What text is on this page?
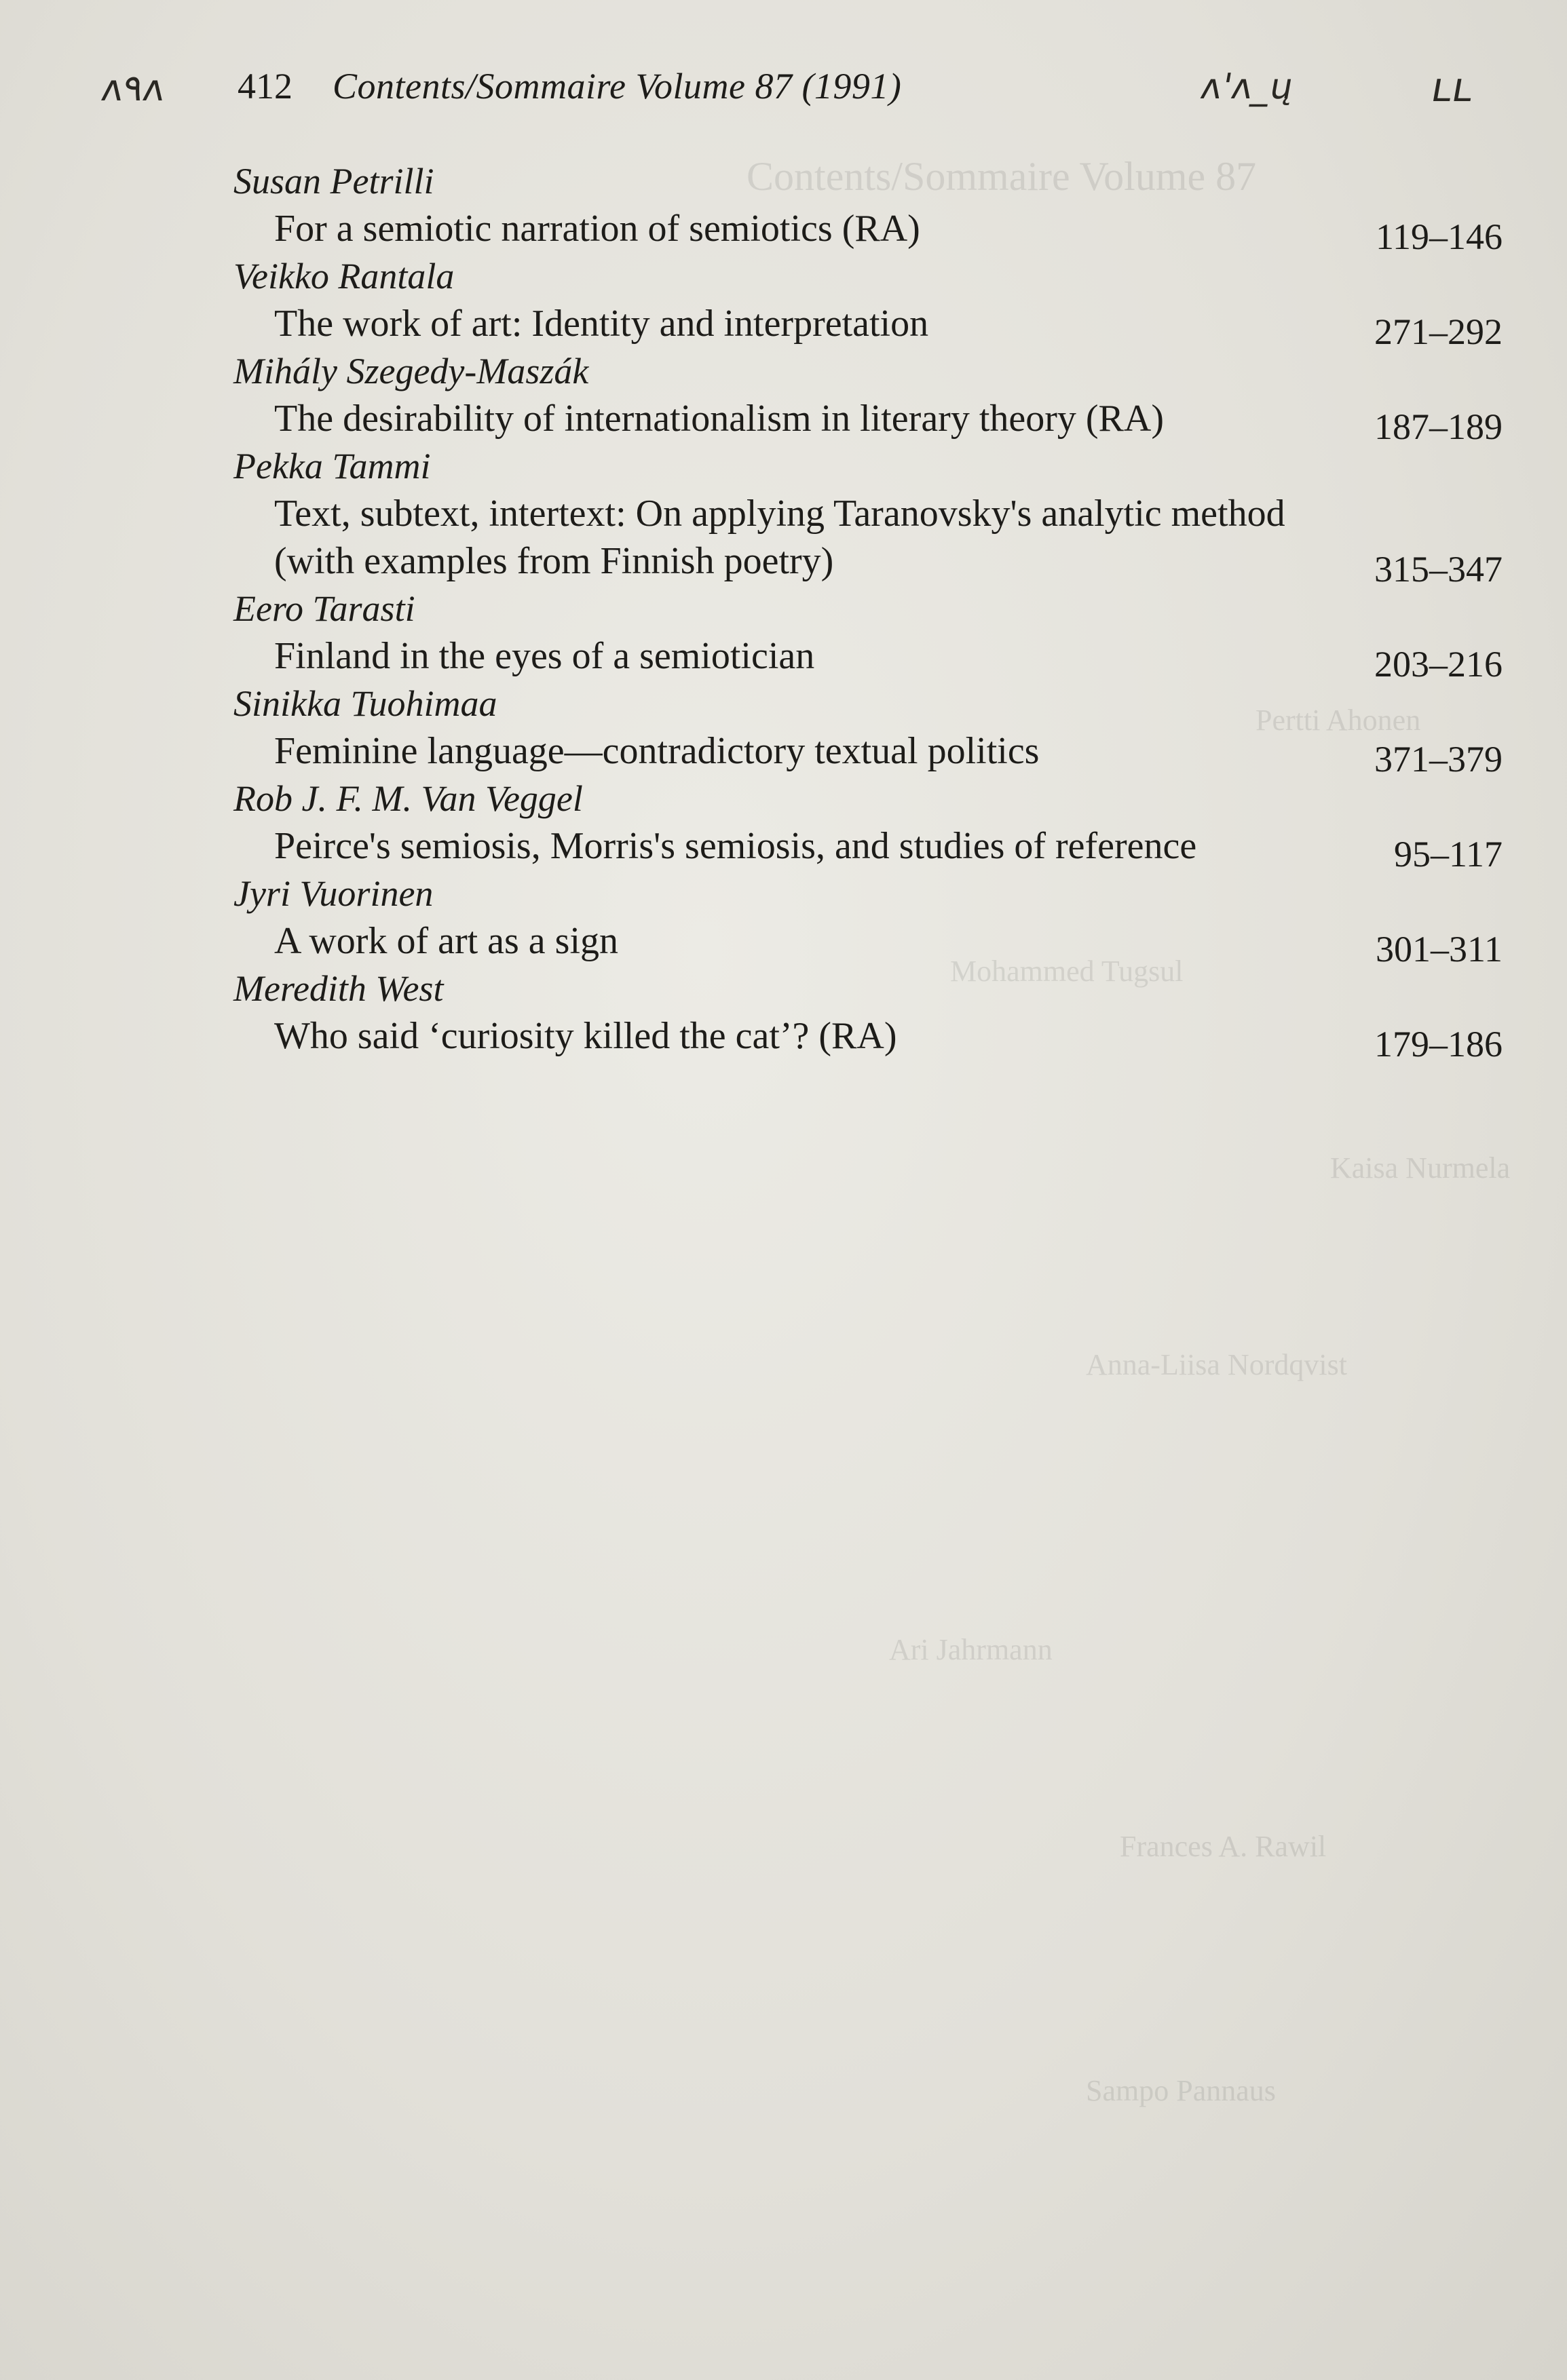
Contents/Sommaire Volume 87
Pertti Ahonen
Mohammed Tugsul
Kaisa Nurmela
Anna-Liisa Nordqvist
Ari Jahrmann
Frances A. Rawil
Sampo Pannaus
ʌ٩ʌ 412 Contents/Sommaire Volume 87 (1991)	ʌ'ʌ_ų	ʟʟ
Susan Petrilli
For a semiotic narration of semiotics (RA)	119–146
Veikko Rantala
The work of art: Identity and interpretation	271–292
Mihály Szegedy-Maszák
The desirability of internationalism in literary theory (RA)	187–189
Pekka Tammi
Text, subtext, intertext: On applying Taranovsky's analytic method (with examples from Finnish poetry)	315–347
Eero Tarasti
Finland in the eyes of a semiotician	203–216
Sinikka Tuohimaa
Feminine language—contradictory textual politics	371–379
Rob J. F. M. Van Veggel
Peirce's semiosis, Morris's semiosis, and studies of reference	95–117
Jyri Vuorinen
A work of art as a sign	301–311
Meredith West
Who said ‘curiosity killed the cat’? (RA)	179–186
